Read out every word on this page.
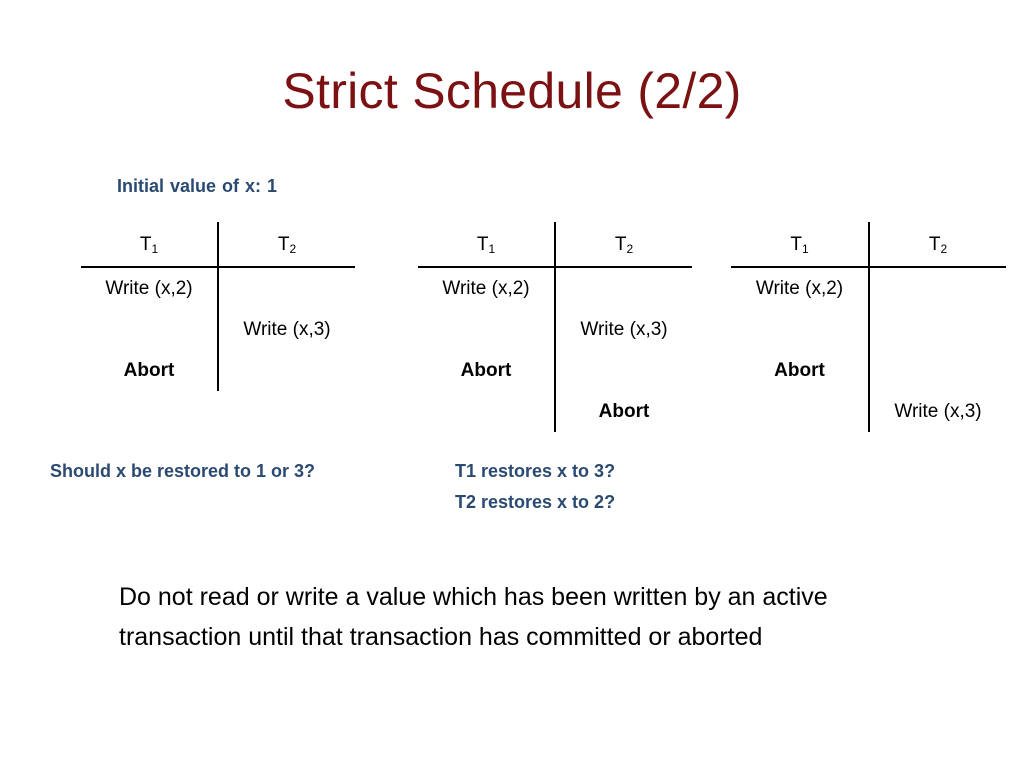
Strict Schedule (2/2)
Initial value of x: 1
$T_1$	$T_2$
Write (x,2)	
	Write (x,3)
Abort	
$T_1$	$T_2$
Write (x,2)	
	Write (x,3)
Abort	
	Abort
$T_1$	$T_2$
Write (x,2)	

Abort	
	Write (x,3)
Should x be restored to 1 or 3?	T1 restores x to 3?
T2 restores x to 2?
Do not read or write a value which has been written by an active transaction until that transaction has committed or aborted
